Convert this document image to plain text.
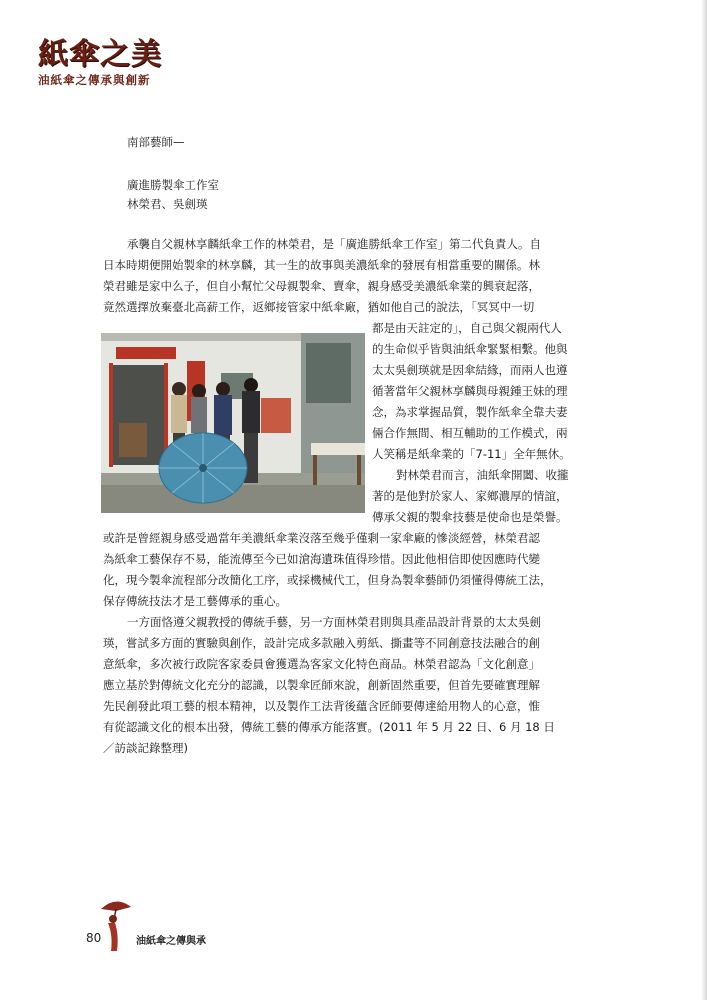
紙傘之美
油紙傘之傳承與創新
南部藝師—
廣進勝製傘工作室
林榮君、吳劍瑛
承襲自父親林享麟紙傘工作的林榮君，是「廣進勝紙傘工作室」第二代負責人。自
日本時期便開始製傘的林享麟，其一生的故事與美濃紙傘的發展有相當重要的關係。林
榮君雖是家中么子，但自小幫忙父母親製傘、賣傘，親身感受美濃紙傘業的興衰起落，
竟然選擇放棄臺北高薪工作，返鄉接管家中紙傘廠，猶如他自己的說法，「冥冥中一切
都是由天註定的」，自己與父親兩代人
的生命似乎皆與油紙傘緊緊相繫。他與
太太吳劍瑛就是因傘結緣，而兩人也遵
循著當年父親林享麟與母親鍾王妹的理
念，為求掌握品質，製作紙傘全靠夫妻
倆合作無間、相互輔助的工作模式，兩
人笑稱是紙傘業的「7-11」全年無休。
對林榮君而言，油紙傘開闔、收攏
著的是他對於家人、家鄉濃厚的情誼，
傳承父親的製傘技藝是使命也是榮譽。
或許是曾經親身感受過當年美濃紙傘業沒落至幾乎僅剩一家傘廠的慘淡經營，林榮君認
為紙傘工藝保存不易，能流傳至今已如滄海遺珠值得珍惜。因此他相信即使因應時代變
化，現今製傘流程部分改簡化工序，或採機械代工，但身為製傘藝師仍須懂得傳統工法，
保存傳統技法才是工藝傳承的重心。
一方面恪遵父親教授的傳統手藝，另一方面林榮君則與具產品設計背景的太太吳劍
瑛，嘗試多方面的實驗與創作，設計完成多款融入剪紙、撕畫等不同創意技法融合的創
意紙傘，多次被行政院客家委員會獲選為客家文化特色商品。林榮君認為「文化創意」
應立基於對傳統文化充分的認識，以製傘匠師來說，創新固然重要，但首先要確實理解
先民創發此項工藝的根本精神，以及製作工法背後蘊含匠師要傳達給用物人的心意，惟
有從認識文化的根本出發，傳統工藝的傳承方能落實。(2011 年 5 月 22 日、6 月 18 日
／訪談記錄整理)
80	油紙傘之傳與承
